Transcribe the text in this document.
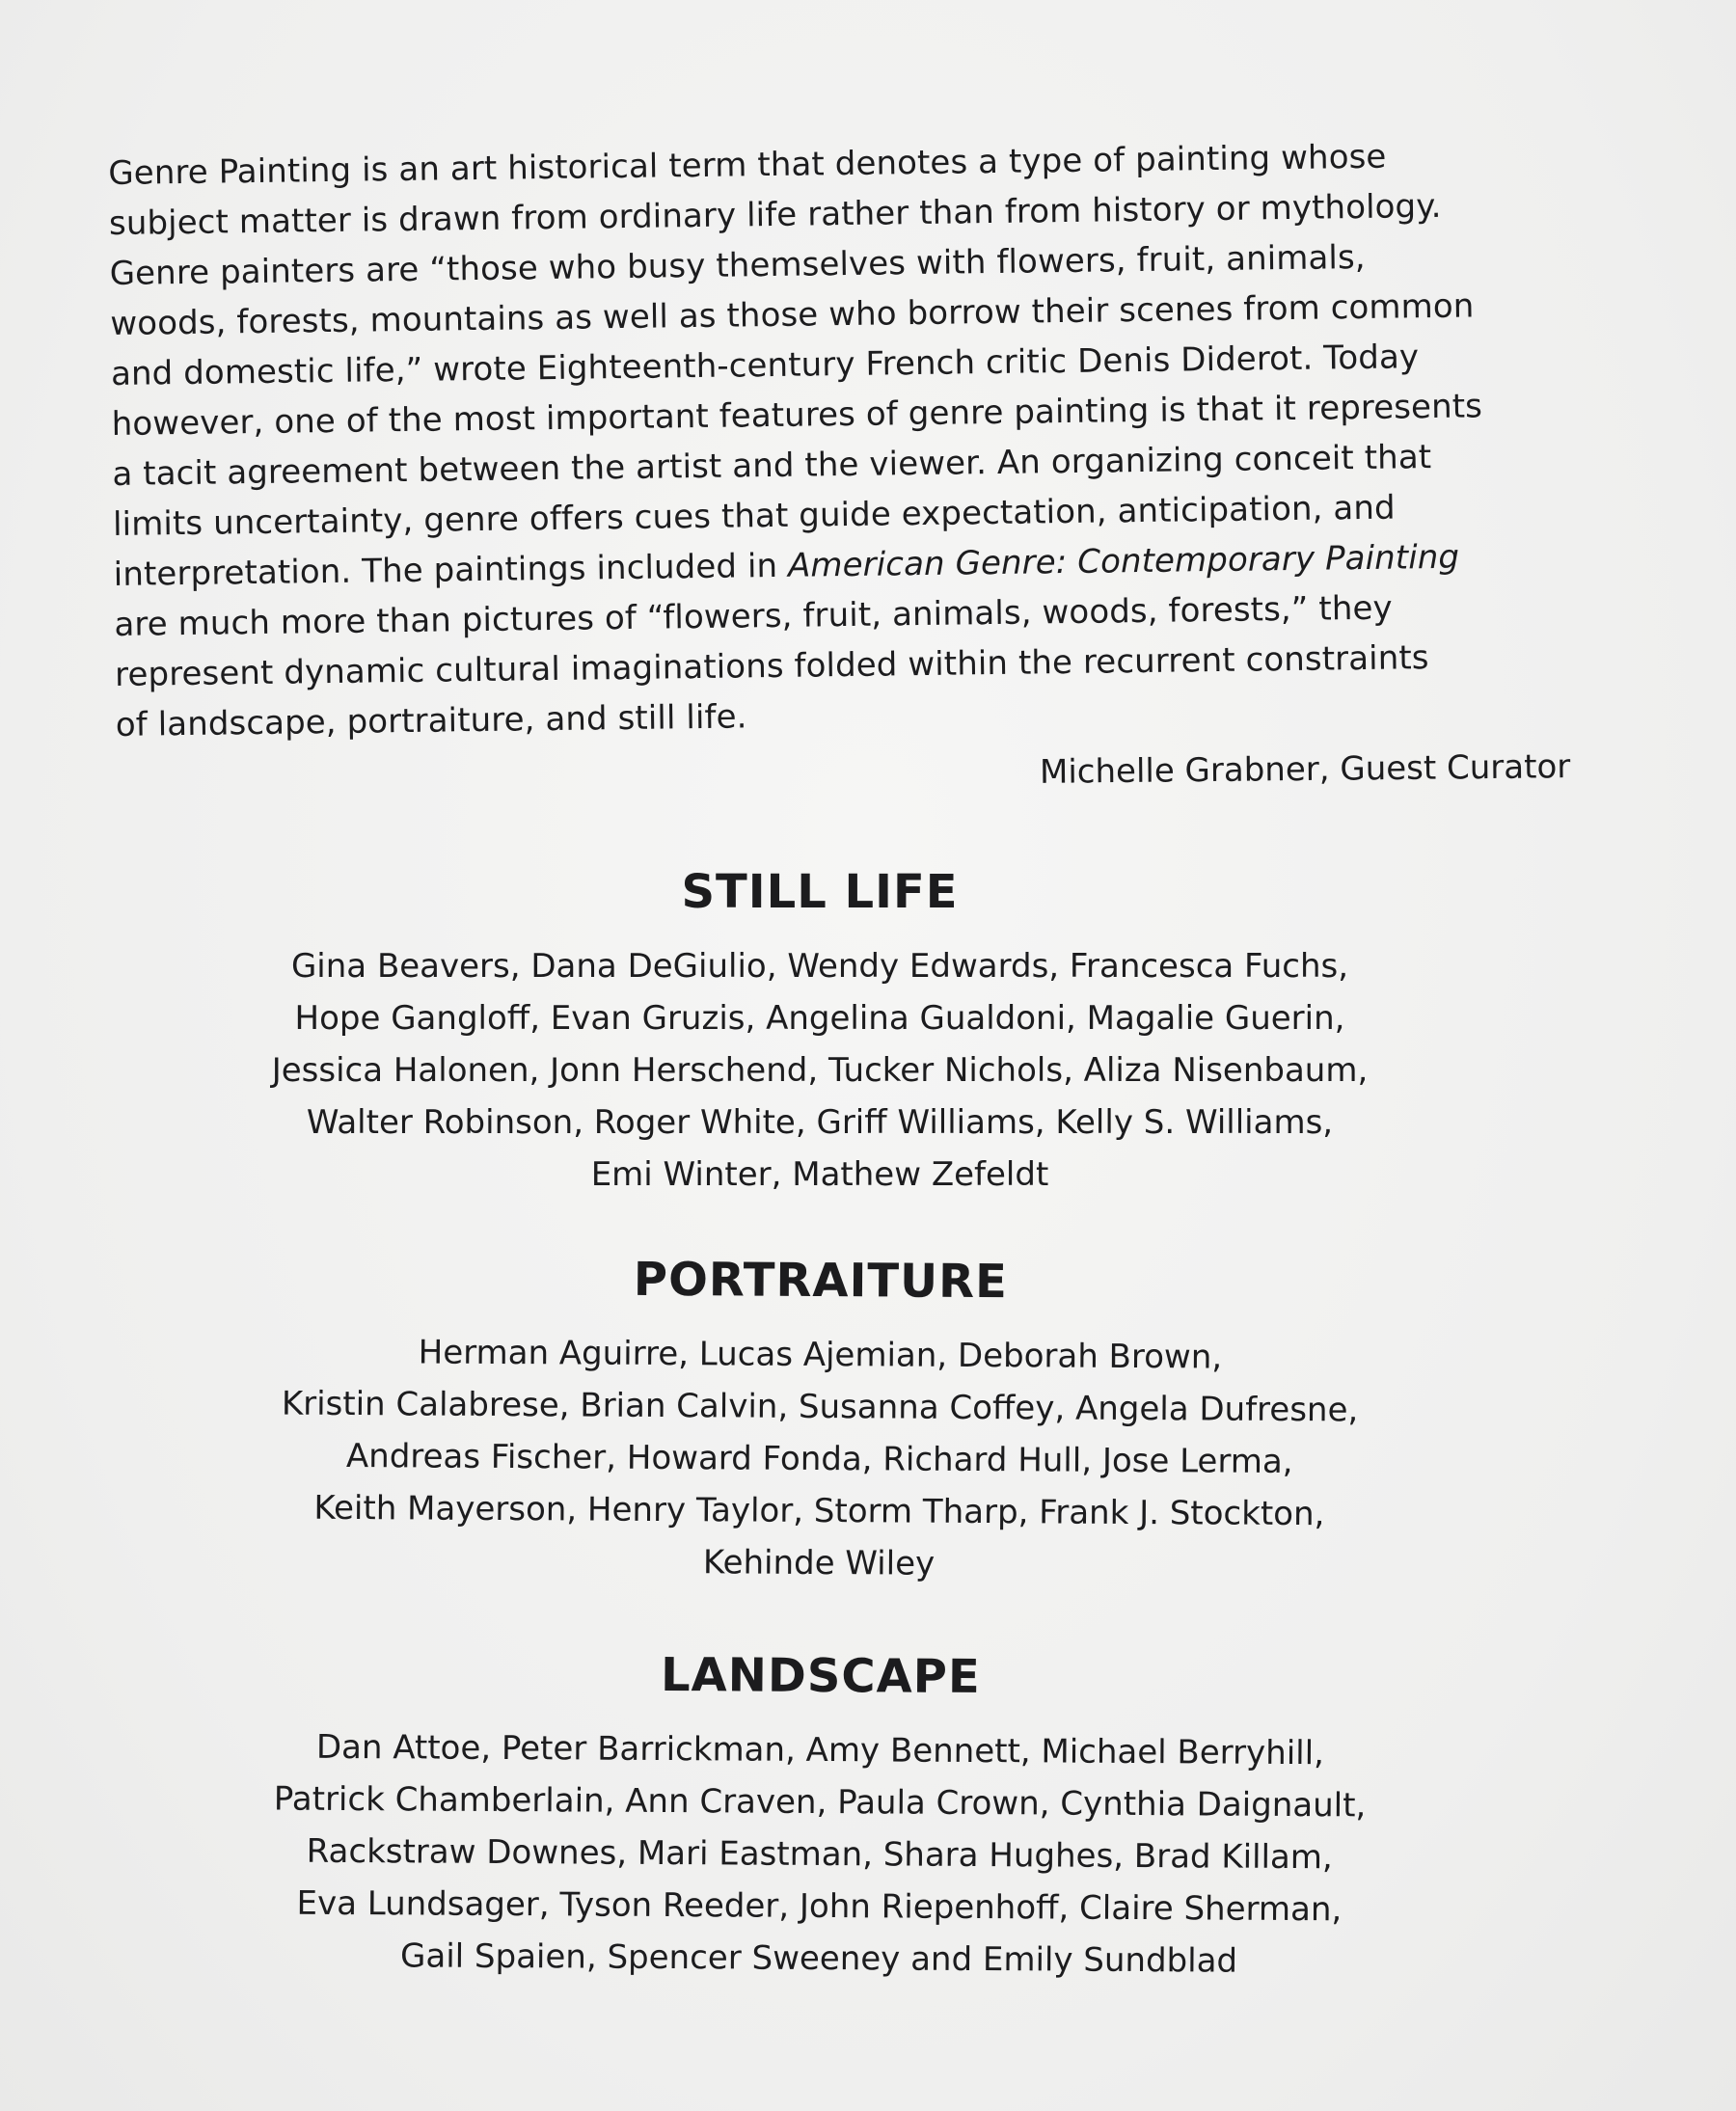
Genre Painting is an art historical term that denotes a type of painting whose
subject matter is drawn from ordinary life rather than from history or mythology.
Genre painters are “those who busy themselves with flowers, fruit, animals,
woods, forests, mountains as well as those who borrow their scenes from common
and domestic life,” wrote Eighteenth-century French critic Denis Diderot. Today
however, one of the most important features of genre painting is that it represents
a tacit agreement between the artist and the viewer. An organizing conceit that
limits uncertainty, genre offers cues that guide expectation, anticipation, and
interpretation. The paintings included in American Genre: Contemporary Painting
are much more than pictures of “flowers, fruit, animals, woods, forests,” they
represent dynamic cultural imaginations folded within the recurrent constraints
of landscape, portraiture, and still life.

Michelle Grabner, Guest Curator
STILL LIFE
Gina Beavers, Dana DeGiulio, Wendy Edwards, Francesca Fuchs,
Hope Gangloff, Evan Gruzis, Angelina Gualdoni, Magalie Guerin,
Jessica Halonen, Jonn Herschend, Tucker Nichols, Aliza Nisenbaum,
Walter Robinson, Roger White, Griff Williams, Kelly S. Williams,
Emi Winter, Mathew Zefeldt
PORTRAITURE
Herman Aguirre, Lucas Ajemian, Deborah Brown,
Kristin Calabrese, Brian Calvin, Susanna Coffey, Angela Dufresne,
Andreas Fischer, Howard Fonda, Richard Hull, Jose Lerma,
Keith Mayerson, Henry Taylor, Storm Tharp, Frank J. Stockton,
Kehinde Wiley
LANDSCAPE
Dan Attoe, Peter Barrickman, Amy Bennett, Michael Berryhill,
Patrick Chamberlain, Ann Craven, Paula Crown, Cynthia Daignault,
Rackstraw Downes, Mari Eastman, Shara Hughes, Brad Killam,
Eva Lundsager, Tyson Reeder, John Riepenhoff, Claire Sherman,
Gail Spaien, Spencer Sweeney and Emily Sundblad
